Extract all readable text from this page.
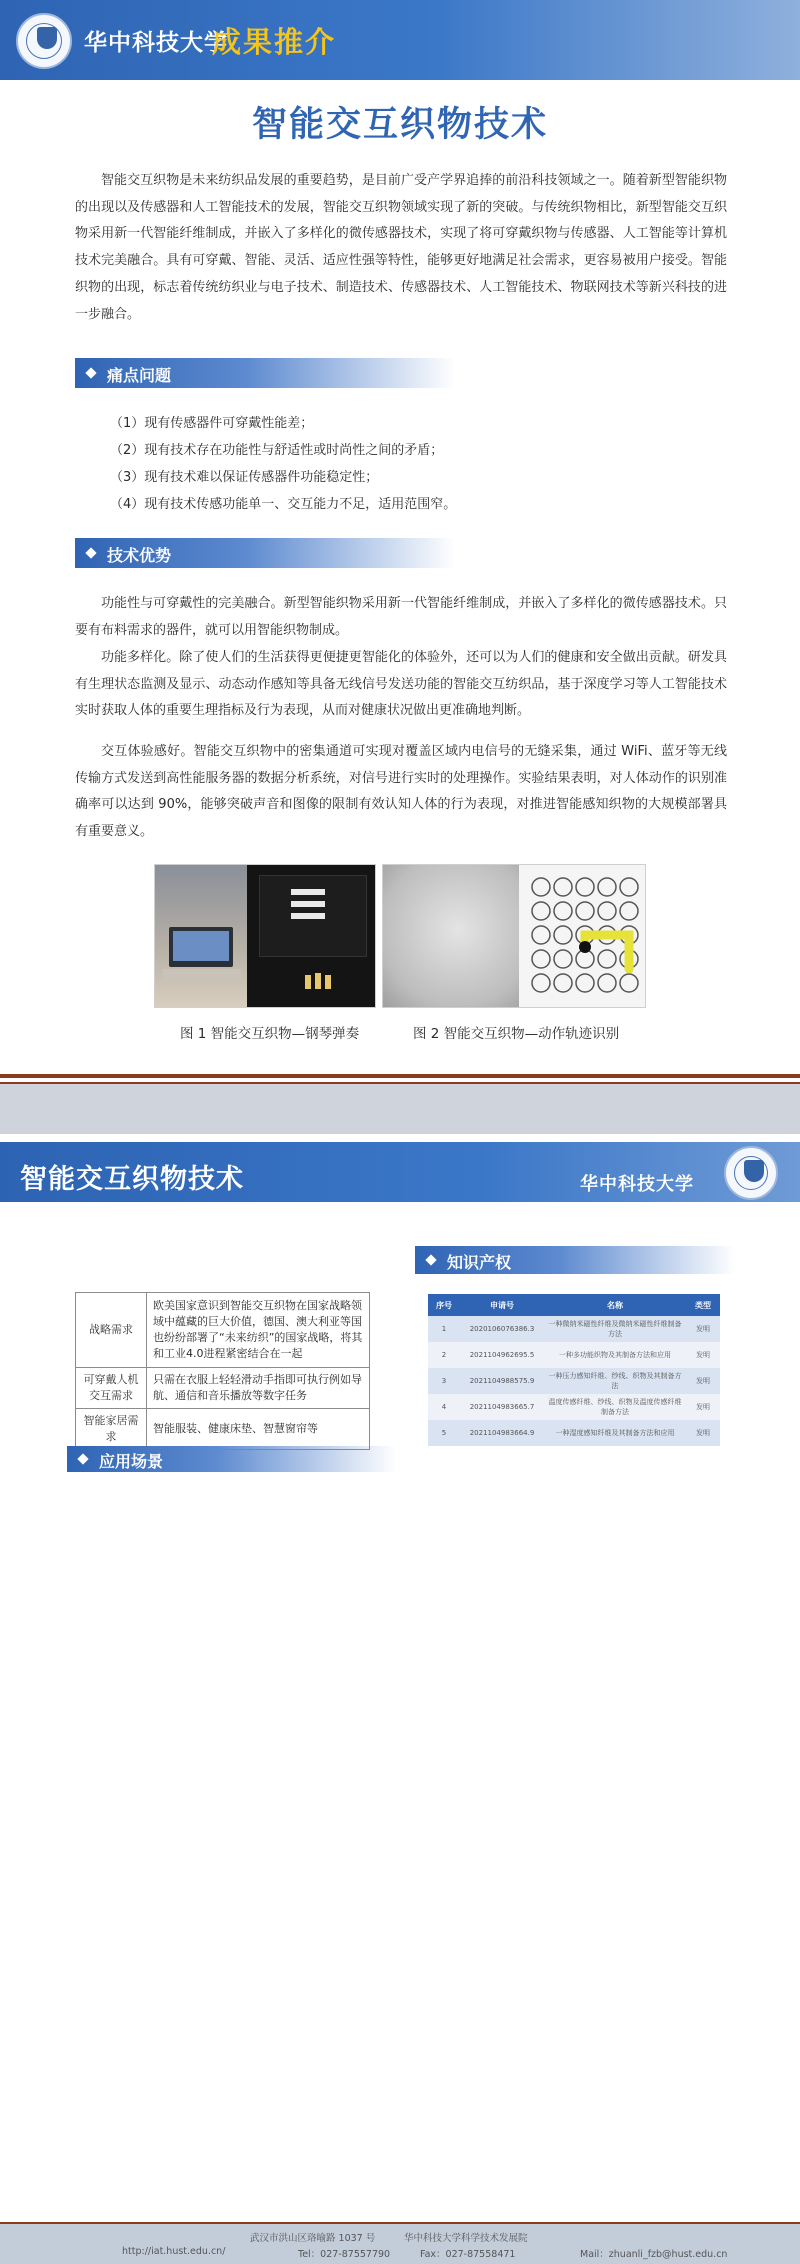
华中科技大学
成果推介
智能交互织物技术
智能交互织物是未来纺织品发展的重要趋势，是目前广受产学界追捧的前沿科技领域之一。随着新型智能织物的出现以及传感器和人工智能技术的发展，智能交互织物领域实现了新的突破。与传统织物相比，新型智能交互织物采用新一代智能纤维制成，并嵌入了多样化的微传感器技术，实现了将可穿戴织物与传感器、人工智能等计算机技术完美融合。具有可穿戴、智能、灵活、适应性强等特性，能够更好地满足社会需求，更容易被用户接受。智能织物的出现，标志着传统纺织业与电子技术、制造技术、传感器技术、人工智能技术、物联网技术等新兴科技的进一步融合。
痛点问题
（1）现有传感器件可穿戴性能差；
（2）现有技术存在功能性与舒适性或时尚性之间的矛盾；
（3）现有技术难以保证传感器件功能稳定性；
（4）现有技术传感功能单一、交互能力不足，适用范围窄。
技术优势
功能性与可穿戴性的完美融合。新型智能织物采用新一代智能纤维制成，并嵌入了多样化的微传感器技术。只要有布料需求的器件，就可以用智能织物制成。
功能多样化。除了使人们的生活获得更便捷更智能化的体验外，还可以为人们的健康和安全做出贡献。研发具有生理状态监测及显示、动态动作感知等具备无线信号发送功能的智能交互纺织品，基于深度学习等人工智能技术实时获取人体的重要生理指标及行为表现，从而对健康状况做出更准确地判断。
交互体验感好。智能交互织物中的密集通道可实现对覆盖区域内电信号的无缝采集，通过 WiFi、蓝牙等无线传输方式发送到高性能服务器的数据分析系统，对信号进行实时的处理操作。实验结果表明，对人体动作的识别准确率可以达到 90%，能够突破声音和图像的限制有效认知人体的行为表现，对推进智能感知织物的大规模部署具有重要意义。
图 1 智能交互织物—钢琴弹奏	图 2 智能交互织物—动作轨迹识别
智能交互织物技术	华中科技大学
战略需求	欧美国家意识到智能交互织物在国家战略领域中蕴藏的巨大价值，德国、澳大利亚等国也纷纷部署了“未来纺织”的国家战略，将其和工业4.0进程紧密结合在一起
可穿戴人机交互需求	只需在衣服上轻轻滑动手指即可执行例如导航、通信和音乐播放等数字任务
智能家居需求	智能服装、健康床垫、智慧窗帘等
应用场景
知识产权
序号	申请号	名称	类型
1	2020106076386.3	一种微纳米磁性纤维及微纳米磁性纤维制备方法	发明
2	2021104962695.5	一种多功能织物及其制备方法和应用	发明
3	2021104988575.9	一种压力感知纤维、纱线、织物及其制备方法	发明
4	2021104983665.7	温度传感纤维、纱线、织物及温度传感纤维制备方法	发明
5	2021104983664.9	一种湿度感知纤维及其制备方法和应用	发明
武汉市洪山区珞喻路 1037 号	华中科技大学科学技术发展院
http://iat.hust.edu.cn/	Tel：027-87557790	Fax：027-87558471	Mail：zhuanli_fzb@hust.edu.cn
